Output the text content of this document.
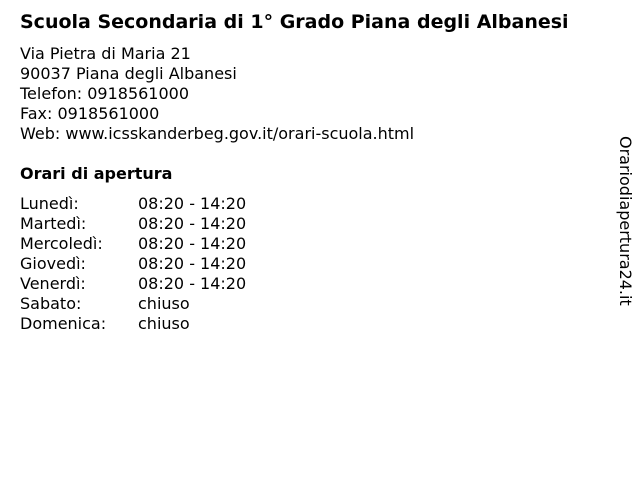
Scuola Secondaria di 1° Grado Piana degli Albanesi
Via Pietra di Maria 21
90037 Piana degli Albanesi
Telefon: 0918561000
Fax: 0918561000
Web: www.icsskanderbeg.gov.it/orari-scuola.html
Orari di apertura
Lunedì:	08:20 - 14:20
Martedì:	08:20 - 14:20
Mercoledì:	08:20 - 14:20
Giovedì:	08:20 - 14:20
Venerdì:	08:20 - 14:20
Sabato:	chiuso
Domenica:	chiuso
Orariodiapertura24.it
